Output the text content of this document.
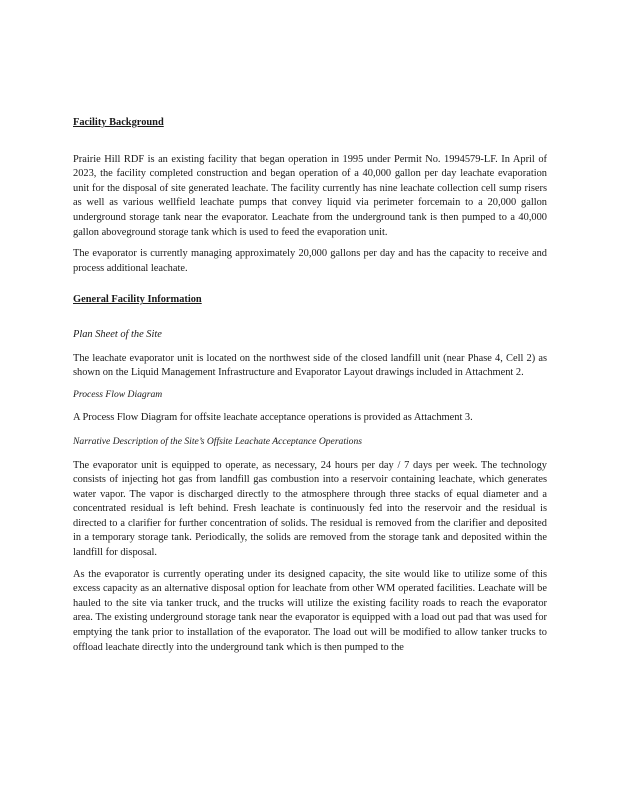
Facility Background

Prairie Hill RDF is an existing facility that began operation in 1995 under Permit No. 1994579-LF. In April of 2023, the facility completed construction and began operation of a 40,000 gallon per day leachate evaporation unit for the disposal of site generated leachate. The facility currently has nine leachate collection cell sump risers as well as various wellfield leachate pumps that convey liquid via perimeter forcemain to a 20,000 gallon underground storage tank near the evaporator. Leachate from the underground tank is then pumped to a 40,000 gallon aboveground storage tank which is used to feed the evaporation unit.

The evaporator is currently managing approximately 20,000 gallons per day and has the capacity to receive and process additional leachate.

General Facility Information
Plan Sheet of the Site

The leachate evaporator unit is located on the northwest side of the closed landfill unit (near Phase 4, Cell 2) as shown on the Liquid Management Infrastructure and Evaporator Layout drawings included in Attachment 2.

Process Flow Diagram

A Process Flow Diagram for offsite leachate acceptance operations is provided as Attachment 3.

Narrative Description of the Site’s Offsite Leachate Acceptance Operations

The evaporator unit is equipped to operate, as necessary, 24 hours per day / 7 days per week. The technology consists of injecting hot gas from landfill gas combustion into a reservoir containing leachate, which generates water vapor. The vapor is discharged directly to the atmosphere through three stacks of equal diameter and a concentrated residual is left behind. Fresh leachate is continuously fed into the reservoir and the residual is directed to a clarifier for further concentration of solids. The residual is removed from the clarifier and deposited in a temporary storage tank. Periodically, the solids are removed from the storage tank and deposited within the landfill for disposal.

As the evaporator is currently operating under its designed capacity, the site would like to utilize some of this excess capacity as an alternative disposal option for leachate from other WM operated facilities. Leachate will be hauled to the site via tanker truck, and the trucks will utilize the existing facility roads to reach the evaporator area. The existing underground storage tank near the evaporator is equipped with a load out pad that was used for emptying the tank prior to installation of the evaporator. The load out will be modified to allow tanker trucks to offload leachate directly into the underground tank which is then pumped to the
